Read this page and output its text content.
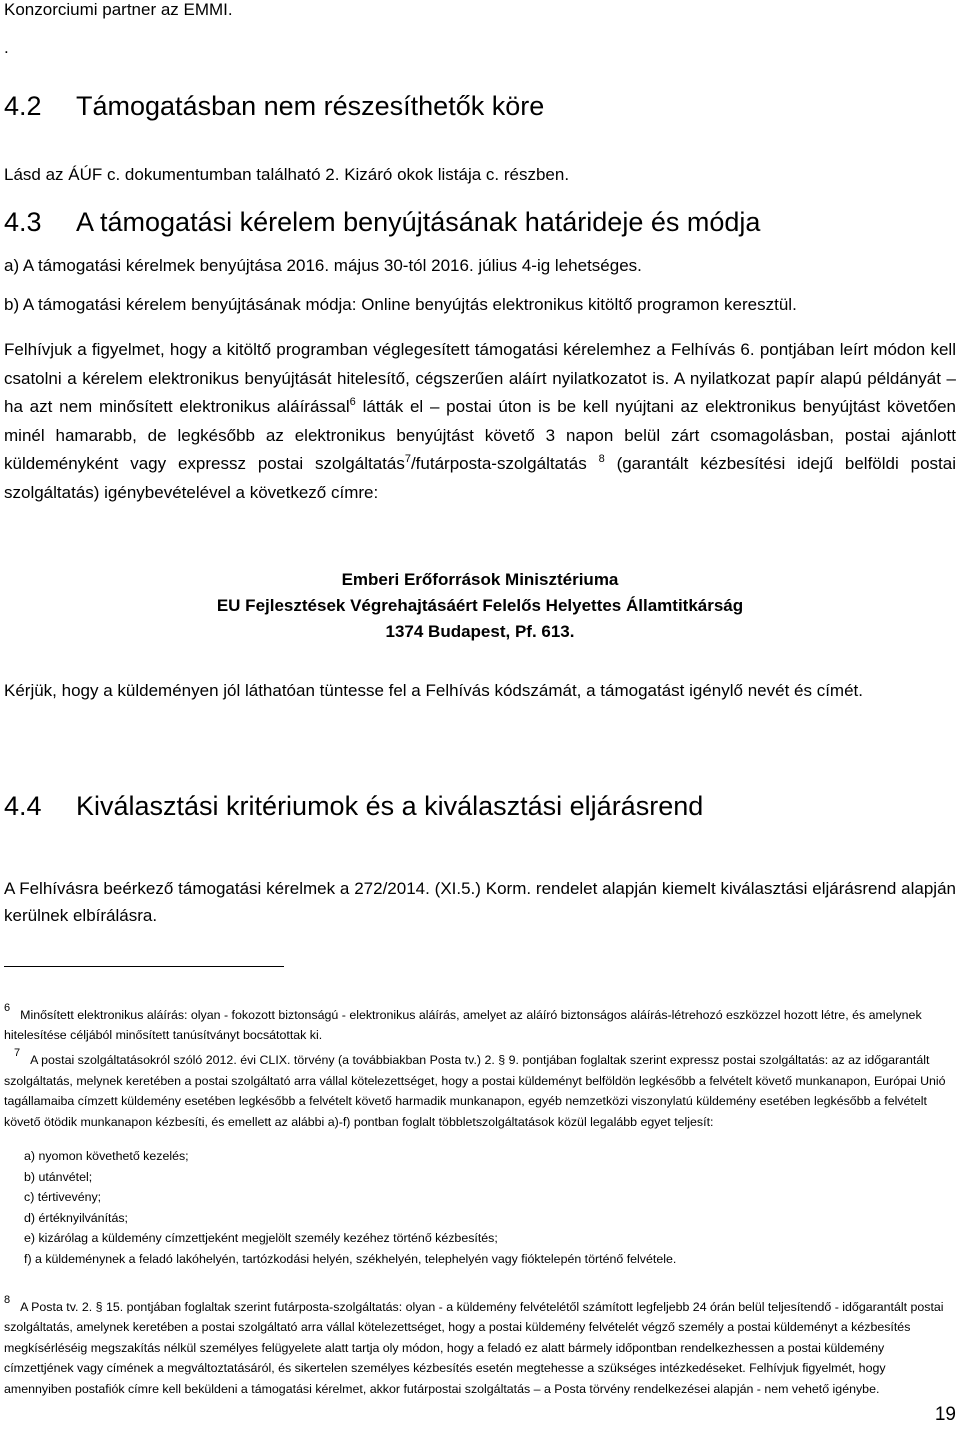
Konzorciumi partner az EMMI.
.
4.2 Támogatásban nem részesíthetők köre
Lásd az ÁÚF c. dokumentumban található 2. Kizáró okok listája c. részben.
4.3 A támogatási kérelem benyújtásának határideje és módja
a) A támogatási kérelmek benyújtása 2016. május 30-tól 2016. július 4-ig lehetséges.
b) A támogatási kérelem benyújtásának módja: Online benyújtás elektronikus kitöltő programon keresztül.
Felhívjuk a figyelmet, hogy a kitöltő programban véglegesített támogatási kérelemhez a Felhívás 6. pontjában leírt módon kell csatolni a kérelem elektronikus benyújtását hitelesítő, cégszerűen aláírt nyilatkozatot is. A nyilatkozat papír alapú példányát – ha azt nem minősített elektronikus aláírással$^6$ látták el – postai úton is be kell nyújtani az elektronikus benyújtást követően minél hamarabb, de legkésőbb az elektronikus benyújtást követő 3 napon belül zárt csomagolásban, postai ajánlott küldeményként vagy expressz postai szolgáltatás$^7$/futárposta-szolgáltatás $^8$ (garantált kézbesítési idejű belföldi postai szolgáltatás) igénybevételével a következő címre:
Emberi Erőforrások Minisztériuma
EU Fejlesztések Végrehajtásáért Felelős Helyettes Államtitkárság
1374 Budapest, Pf. 613.
Kérjük, hogy a küldeményen jól láthatóan tüntesse fel a Felhívás kódszámát, a támogatást igénylő nevét és címét.
4.4 Kiválasztási kritériumok és a kiválasztási eljárásrend
A Felhívásra beérkező támogatási kérelmek a 272/2014. (XI.5.) Korm. rendelet alapján kiemelt kiválasztási eljárásrend alapján kerülnek elbírálásra.
6 Minősített elektronikus aláírás: olyan - fokozott biztonságú - elektronikus aláírás, amelyet az aláíró biztonságos aláírás-létrehozó eszközzel hozott létre, és amelynek hitelesítése céljából minősített tanúsítványt bocsátottak ki.
7 A postai szolgáltatásokról szóló 2012. évi CLIX. törvény (a továbbiakban Posta tv.) 2. § 9. pontjában foglaltak szerint expressz postai szolgáltatás: az az időgarantált szolgáltatás, melynek keretében a postai szolgáltató arra vállal kötelezettséget, hogy a postai küldeményt belföldön legkésőbb a felvételt követő munkanapon, Európai Unió tagállamaiba címzett küldemény esetében legkésőbb a felvételt követő harmadik munkanapon, egyéb nemzetközi viszonylatú küldemény esetében legkésőbb a felvételt követő ötödik munkanapon kézbesíti, és emellett az alábbi a)-f) pontban foglalt többletszolgáltatások közül legalább egyet teljesít:
a) nyomon követhető kezelés;
b) utánvétel;
c) tértivevény;
d) értéknyilvánítás;
e) kizárólag a küldemény címzettjeként megjelölt személy kezéhez történő kézbesítés;
f) a küldeménynek a feladó lakóhelyén, tartózkodási helyén, székhelyén, telephelyén vagy fióktelepén történő felvétele.
8 A Posta tv. 2. § 15. pontjában foglaltak szerint futárposta-szolgáltatás: olyan - a küldemény felvételétől számított legfeljebb 24 órán belül teljesítendő - időgarantált postai szolgáltatás, amelynek keretében a postai szolgáltató arra vállal kötelezettséget, hogy a postai küldemény felvételét végző személy a postai küldeményt a kézbesítés megkísérléséig megszakítás nélkül személyes felügyelete alatt tartja oly módon, hogy a feladó ez alatt bármely időpontban rendelkezhessen a postai küldemény címzettjének vagy címének a megváltoztatásáról, és sikertelen személyes kézbesítés esetén megtehesse a szükséges intézkedéseket. Felhívjuk figyelmét, hogy amennyiben postafiók címre kell beküldeni a támogatási kérelmet, akkor futárpostai szolgáltatás – a Posta törvény rendelkezései alapján - nem vehető igénybe.
19
